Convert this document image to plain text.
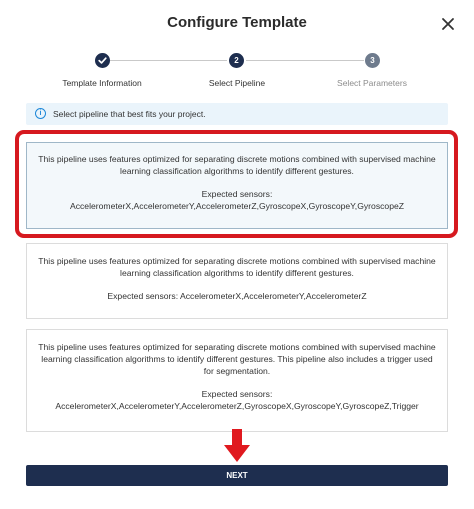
Configure Template
2	3
Template Information	Select Pipeline	Select Parameters
i	Select pipeline that best fits your project.

This pipeline uses features optimized for separating discrete motions combined with supervised machine learning classification algorithms to identify different gestures.

Expected sensors:

AccelerometerX,AccelerometerY,AccelerometerZ,GyroscopeX,GyroscopeY,GyroscopeZ

This pipeline uses features optimized for separating discrete motions combined with supervised machine learning classification algorithms to identify different gestures.

Expected sensors: AccelerometerX,AccelerometerY,AccelerometerZ

This pipeline uses features optimized for separating discrete motions combined with supervised machine learning classification algorithms to identify different gestures. This pipeline also includes a trigger used for segmentation.

Expected sensors:

AccelerometerX,AccelerometerY,AccelerometerZ,GyroscopeX,GyroscopeY,GyroscopeZ,Trigger

NEXT
